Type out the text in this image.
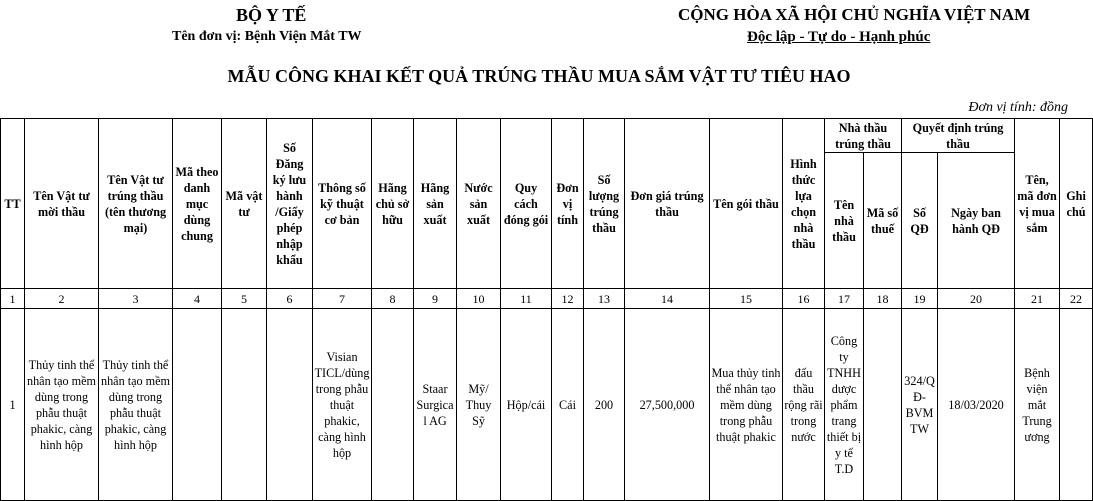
BỘ Y TẾ
Tên đơn vị: Bệnh Viện Mắt TW
CỘNG HÒA XÃ HỘI CHỦ NGHĨA VIỆT NAM
Độc lập - Tự do - Hạnh phúc
MẪU CÔNG KHAI KẾT QUẢ TRÚNG THẦU MUA SẮM VẬT TƯ TIÊU HAO
Đơn vị tính: đồng
TT	Tên Vật tư mời thầu	Tên Vật tư trúng thầu (tên thương mại)	Mã theo danh mục dùng chung	Mã vật tư	Số Đăng ký lưu hành /Giấy phép nhập khẩu	Thông số kỹ thuật cơ bản	Hãng chủ sở hữu	Hãng sản xuất	Nước sản xuất	Quy cách đóng gói	Đơn vị tính	Số lượng trúng thầu	Đơn giá trúng thầu	Tên gói thầu	Hình thức lựa chọn nhà thầu	Nhà thầu trúng thầu		Quyết định trúng thầu		Tên, mã đơn vị mua sắm	Ghi chú
																Tên nhà thầu	Mã số thuế	Số QĐ	Ngày ban hành QĐ		
1	2	3	4	5	6	7	8	9	10	11	12	13	14	15	16	17	18	19	20	21	22
1	Thủy tinh thể nhân tạo mềm dùng trong phẫu thuật phakic, càng hình hộp	Thủy tinh thể nhân tạo mềm dùng trong phẫu thuật phakic, càng hình hộp				Visian TICL/dùng trong phẫu thuật phakic, càng hình hộp		Staar Surgical AG	Mỹ/ Thuy Sỹ	Hộp/cái	Cái	200	27,500,000	Mua thủy tinh thể nhân tạo mềm dùng trong phẫu thuật phakic	đấu thầu rộng rãi trong nước	Công ty TNHH dược phẩm trang thiết bị y tế T.D		324/QĐ-BVMTW	18/03/2020	Bệnh viện mắt Trung ương	
